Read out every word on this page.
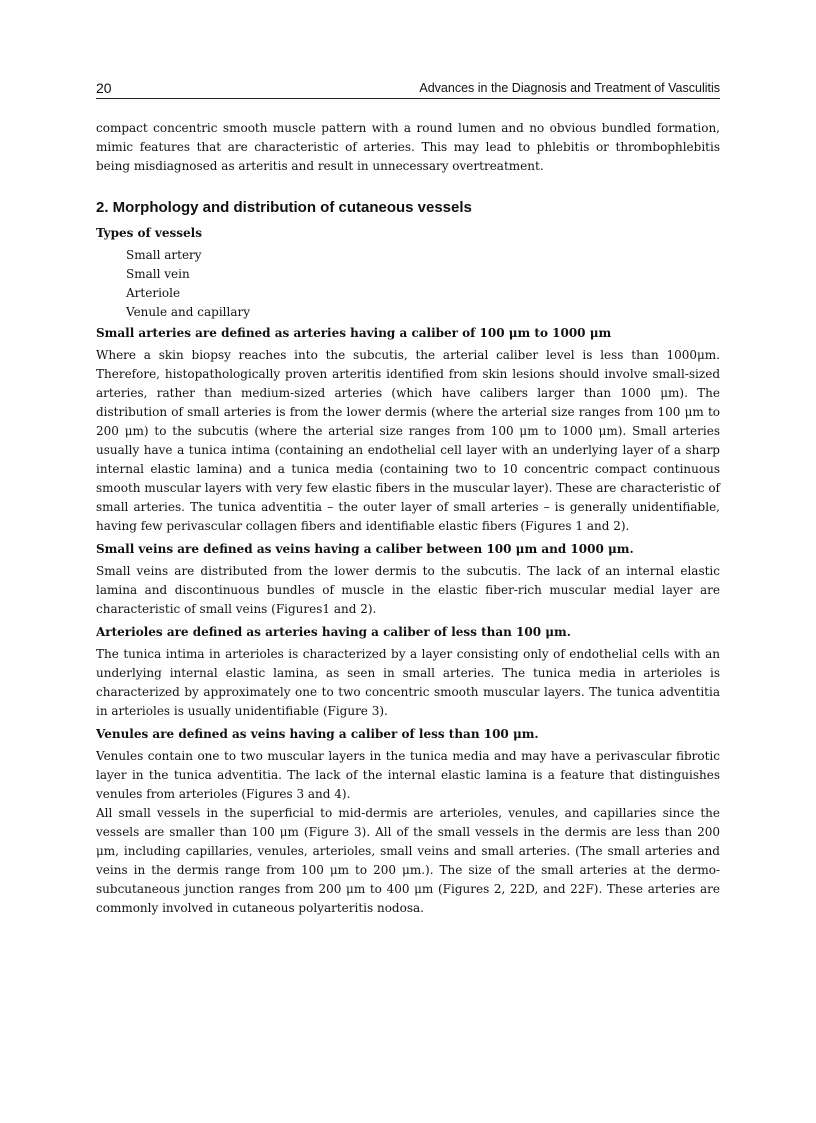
20	Advances in the Diagnosis and Treatment of Vasculitis

compact concentric smooth muscle pattern with a round lumen and no obvious bundled formation, mimic features that are characteristic of arteries. This may lead to phlebitis or thrombophlebitis being misdiagnosed as arteritis and result in unnecessary overtreatment.

2. Morphology and distribution of cutaneous vessels
Types of vessels
Small artery
Small vein
Arteriole
Venule and capillary
Small arteries are defined as arteries having a caliber of 100 μm to 1000 μm

Where a skin biopsy reaches into the subcutis, the arterial caliber level is less than 1000μm. Therefore, histopathologically proven arteritis identified from skin lesions should involve small-sized arteries, rather than medium-sized arteries (which have calibers larger than 1000 μm). The distribution of small arteries is from the lower dermis (where the arterial size ranges from 100 μm to 200 μm) to the subcutis (where the arterial size ranges from 100 μm to 1000 μm). Small arteries usually have a tunica intima (containing an endothelial cell layer with an underlying layer of a sharp internal elastic lamina) and a tunica media (containing two to 10 concentric compact continuous smooth muscular layers with very few elastic fibers in the muscular layer). These are characteristic of small arteries. The tunica adventitia – the outer layer of small arteries – is generally unidentifiable, having few perivascular collagen fibers and identifiable elastic fibers (Figures 1 and 2).

Small veins are defined as veins having a caliber between 100 μm and 1000 μm.

Small veins are distributed from the lower dermis to the subcutis. The lack of an internal elastic lamina and discontinuous bundles of muscle in the elastic fiber-rich muscular medial layer are characteristic of small veins (Figures1 and 2).

Arterioles are defined as arteries having a caliber of less than 100 μm.

The tunica intima in arterioles is characterized by a layer consisting only of endothelial cells with an underlying internal elastic lamina, as seen in small arteries. The tunica media in arterioles is characterized by approximately one to two concentric smooth muscular layers. The tunica adventitia in arterioles is usually unidentifiable (Figure 3).

Venules are defined as veins having a caliber of less than 100 μm.

Venules contain one to two muscular layers in the tunica media and may have a perivascular fibrotic layer in the tunica adventitia. The lack of the internal elastic lamina is a feature that distinguishes venules from arterioles (Figures 3 and 4).

All small vessels in the superficial to mid-dermis are arterioles, venules, and capillaries since the vessels are smaller than 100 μm (Figure 3). All of the small vessels in the dermis are less than 200 μm, including capillaries, venules, arterioles, small veins and small arteries. (The small arteries and veins in the dermis range from 100 μm to 200 μm.). The size of the small arteries at the dermo-subcutaneous junction ranges from 200 μm to 400 μm (Figures 2, 22D, and 22F). These arteries are commonly involved in cutaneous polyarteritis nodosa.
